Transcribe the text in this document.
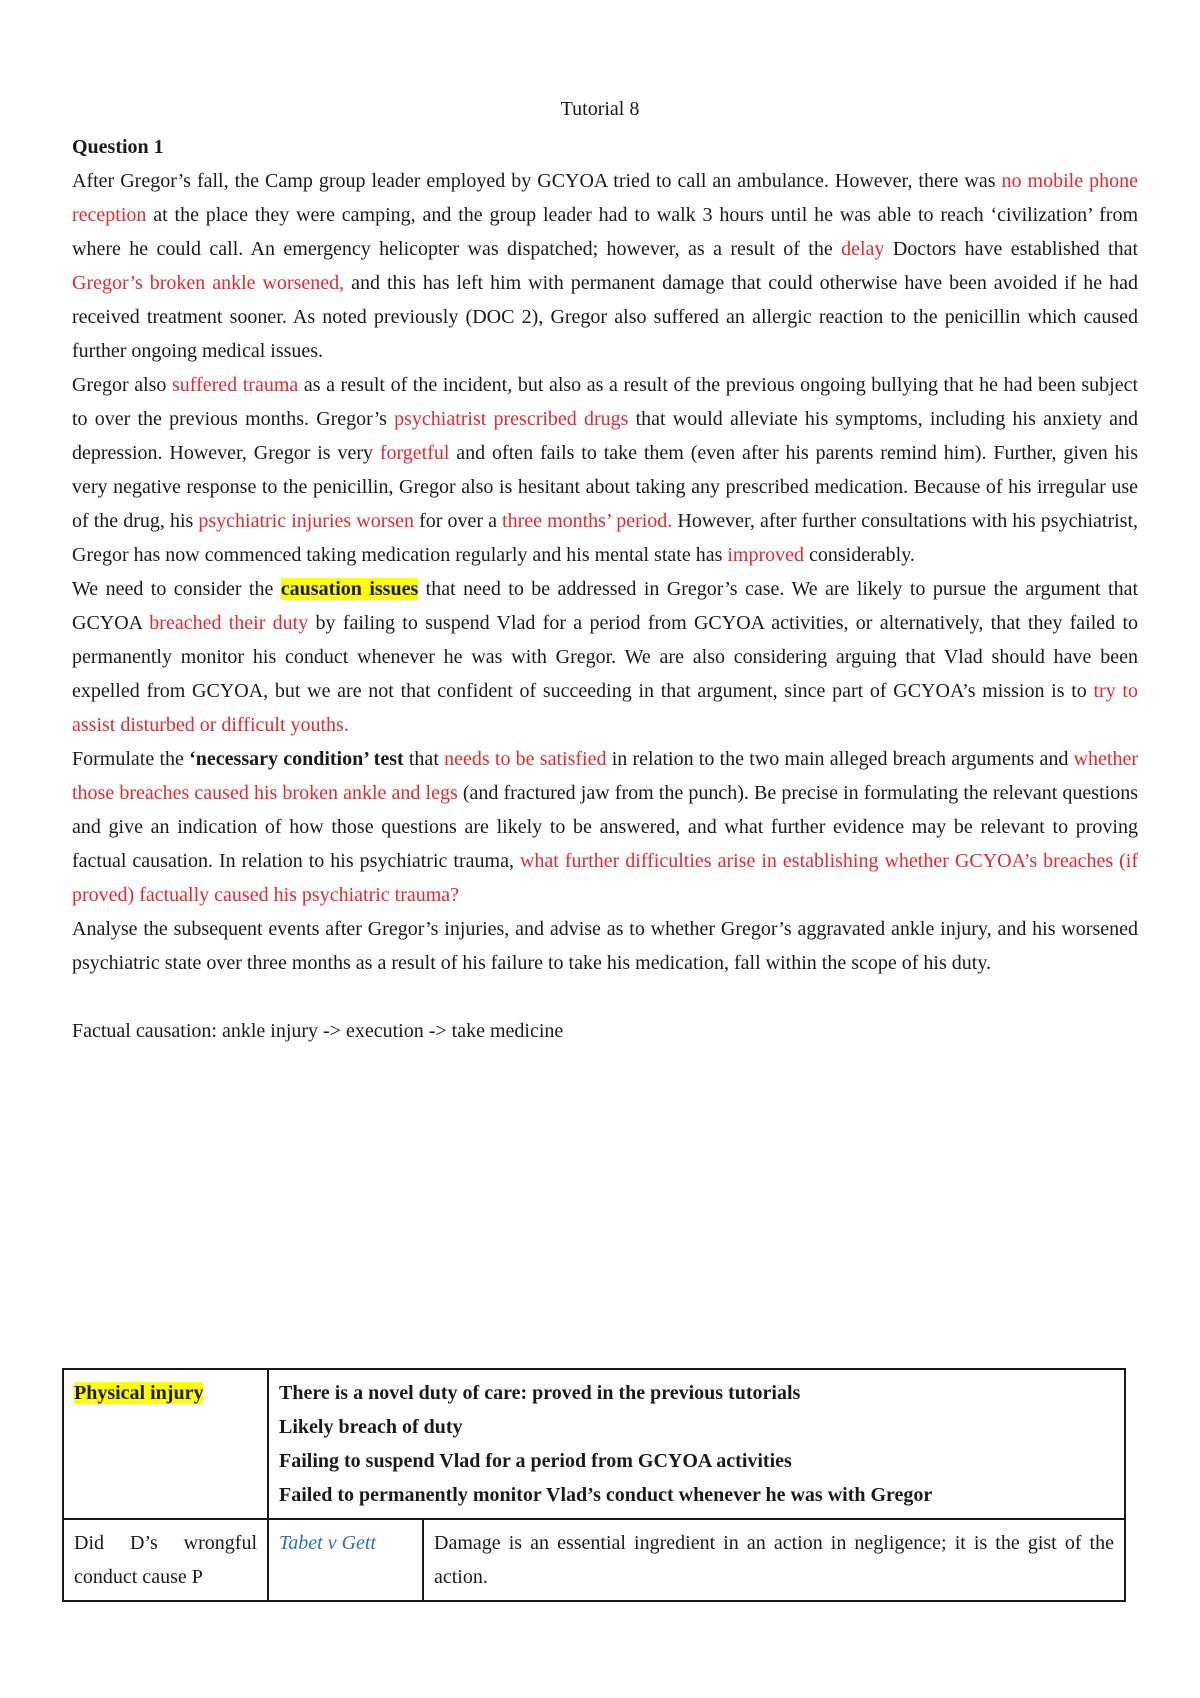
Tutorial 8

Question 1

After Gregor’s fall, the Camp group leader employed by GCYOA tried to call an ambulance. However, there was no mobile phone reception at the place they were camping, and the group leader had to walk 3 hours until he was able to reach ‘civilization’ from where he could call. An emergency helicopter was dispatched; however, as a result of the delay Doctors have established that Gregor’s broken ankle worsened, and this has left him with permanent damage that could otherwise have been avoided if he had received treatment sooner. As noted previously (DOC 2), Gregor also suffered an allergic reaction to the penicillin which caused further ongoing medical issues.

Gregor also suffered trauma as a result of the incident, but also as a result of the previous ongoing bullying that he had been subject to over the previous months. Gregor’s psychiatrist prescribed drugs that would alleviate his symptoms, including his anxiety and depression. However, Gregor is very forgetful and often fails to take them (even after his parents remind him). Further, given his very negative response to the penicillin, Gregor also is hesitant about taking any prescribed medication. Because of his irregular use of the drug, his psychiatric injuries worsen for over a three months’ period. However, after further consultations with his psychiatrist, Gregor has now commenced taking medication regularly and his mental state has improved considerably.

We need to consider the causation issues that need to be addressed in Gregor’s case. We are likely to pursue the argument that GCYOA breached their duty by failing to suspend Vlad for a period from GCYOA activities, or alternatively, that they failed to permanently monitor his conduct whenever he was with Gregor. We are also considering arguing that Vlad should have been expelled from GCYOA, but we are not that confident of succeeding in that argument, since part of GCYOA’s mission is to try to assist disturbed or difficult youths.

Formulate the ‘necessary condition’ test that needs to be satisfied in relation to the two main alleged breach arguments and whether those breaches caused his broken ankle and legs (and fractured jaw from the punch). Be precise in formulating the relevant questions and give an indication of how those questions are likely to be answered, and what further evidence may be relevant to proving factual causation. In relation to his psychiatric trauma, what further difficulties arise in establishing whether GCYOA’s breaches (if proved) factually caused his psychiatric trauma?

Analyse the subsequent events after Gregor’s injuries, and advise as to whether Gregor’s aggravated ankle injury, and his worsened psychiatric state over three months as a result of his failure to take his medication, fall within the scope of his duty.

Factual causation: ankle injury -> execution -> take medicine

Physical injury	There is a novel duty of care: proved in the previous tutorials
Likely breach of duty
Failing to suspend Vlad for a period from GCYOA activities
Failed to permanently monitor Vlad’s conduct whenever he was with Gregor	

Did D’s wrongful conduct cause P	Tabet v Gett	Damage is an essential ingredient in an action in negligence; it is the gist of the action.
